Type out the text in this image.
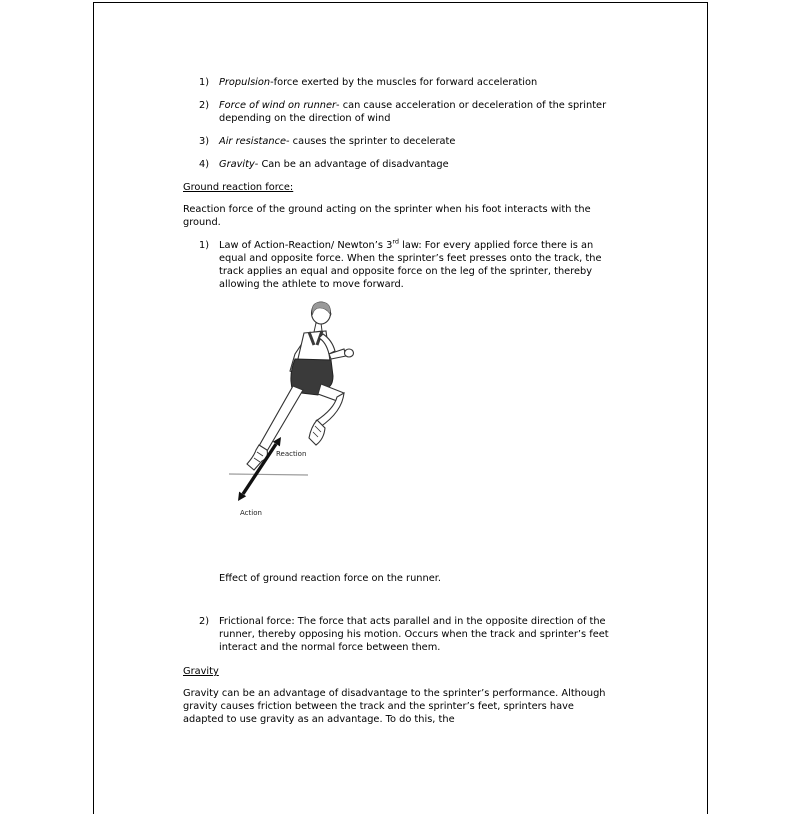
1)	Propulsion-force exerted by the muscles for forward acceleration
2)	Force of wind on runner- can cause acceleration or deceleration of the sprinter depending on the direction of wind
3)	Air resistance- causes the sprinter to decelerate
4)	Gravity- Can be an advantage of disadvantage
Ground reaction force:
Reaction force of the ground acting on the sprinter when his foot interacts with the ground.
1)	Law of Action-Reaction/ Newton’s 3rd law: For every applied force there is an equal and opposite force. When the sprinter’s feet presses onto the track, the track applies an equal and opposite force on the leg of the sprinter, thereby allowing the athlete to move forward.
Reaction
Action
Effect of ground reaction force on the runner.
2)	Frictional force: The force that acts parallel and in the opposite direction of the runner, thereby opposing his motion. Occurs when the track and sprinter’s feet interact and the normal force between them.
Gravity
Gravity can be an advantage of disadvantage to the sprinter’s performance. Although gravity causes friction between the track and the sprinter’s feet, sprinters have adapted to use gravity as an advantage. To do this, the
